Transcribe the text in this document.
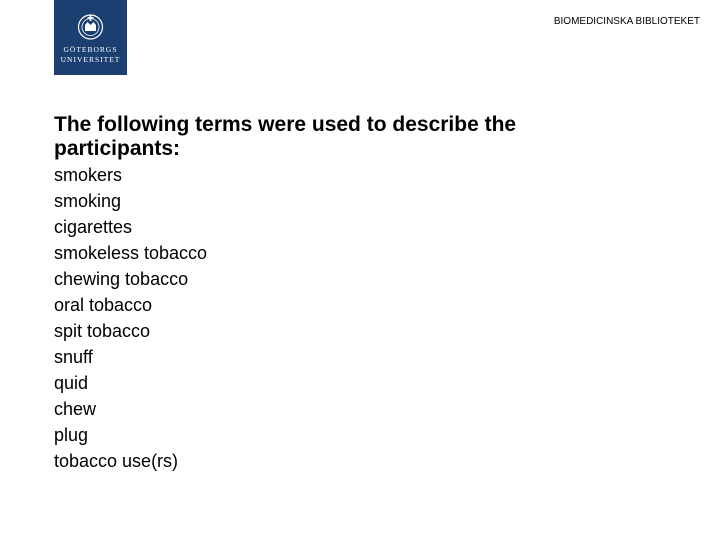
GÖTEBORGS
UNIVERSITET
BIOMEDICINSKA BIBLIOTEKET
The following terms were used to describe the
participants:
smokers
smoking
cigarettes
smokeless tobacco
chewing tobacco
oral tobacco
spit tobacco
snuff
quid
chew
plug
tobacco use(rs)
